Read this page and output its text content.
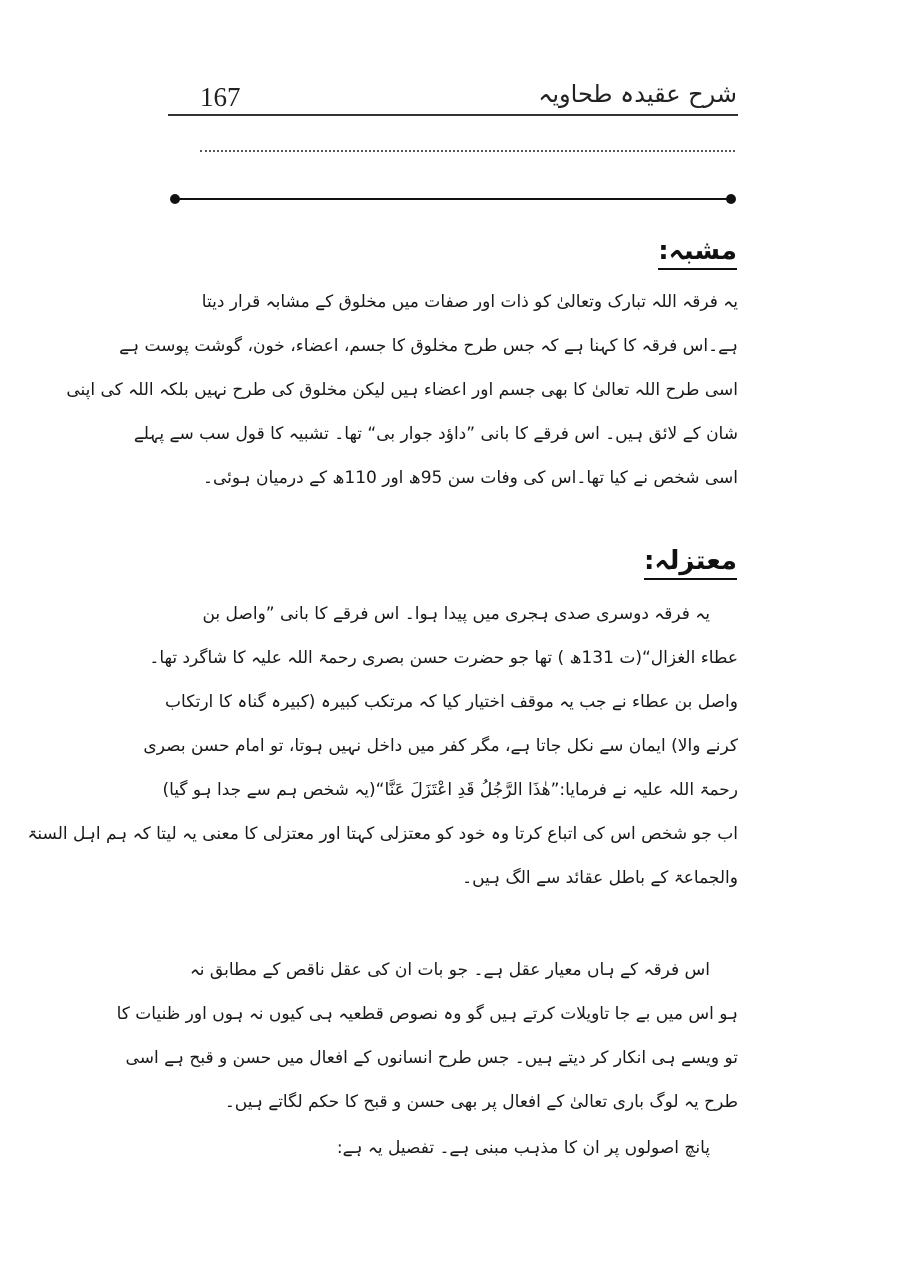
167	شرح عقیدہ طحاویہ
مشبہ:
یہ فرقہ اللہ تبارک وتعالیٰ کو ذات اور صفات میں مخلوق کے مشابہ قرار دیتا
ہے۔اس فرقہ کا کہنا ہے کہ جس طرح مخلوق کا جسم، اعضاء، خون، گوشت پوست ہے
اسی طرح اللہ تعالیٰ کا بھی جسم اور اعضاء ہیں لیکن مخلوق کی طرح نہیں بلکہ اللہ کی اپنی
شان کے لائق ہیں۔ اس فرقے کا بانی ”داؤد جوار بی“ تھا۔ تشبیہ کا قول سب سے پہلے
اسی شخص نے کیا تھا۔اس کی وفات سن 95ھ اور 110ھ کے درمیان ہوئی۔
معتزلہ:
یہ فرقہ دوسری صدی ہجری میں پیدا ہوا۔ اس فرقے کا بانی ”واصل بن
عطاء الغزال“(ت 131ھ ) تھا جو حضرت حسن بصری رحمۃ اللہ علیہ کا شاگرد تھا۔
واصل بن عطاء نے جب یہ موقف اختیار کیا کہ مرتکب کبیرہ (کبیرہ گناہ کا ارتکاب
کرنے والا) ایمان سے نکل جاتا ہے، مگر کفر میں داخل نہیں ہوتا، تو امام حسن بصری
رحمۃ اللہ علیہ نے فرمایا:”هٰذَا الرَّجُلُ قَدِ اعْتَزَلَ عَنَّا“(یہ شخص ہم سے جدا ہو گیا)
اب جو شخص اس کی اتباع کرتا وہ خود کو معتزلی کہتا اور معتزلی کا معنی یہ لیتا کہ ہم اہل السنۃ
والجماعۃ کے باطل عقائد سے الگ ہیں۔
اس فرقہ کے ہاں معیار عقل ہے۔ جو بات ان کی عقل ناقص کے مطابق نہ
ہو اس میں بے جا تاویلات کرتے ہیں گو وہ نصوص قطعیہ ہی کیوں نہ ہوں اور ظنیات کا
تو ویسے ہی انکار کر دیتے ہیں۔ جس طرح انسانوں کے افعال میں حسن و قبح ہے اسی
طرح یہ لوگ باری تعالیٰ کے افعال پر بھی حسن و قبح کا حکم لگاتے ہیں۔
پانچ اصولوں پر ان کا مذہب مبنی ہے۔ تفصیل یہ ہے:
